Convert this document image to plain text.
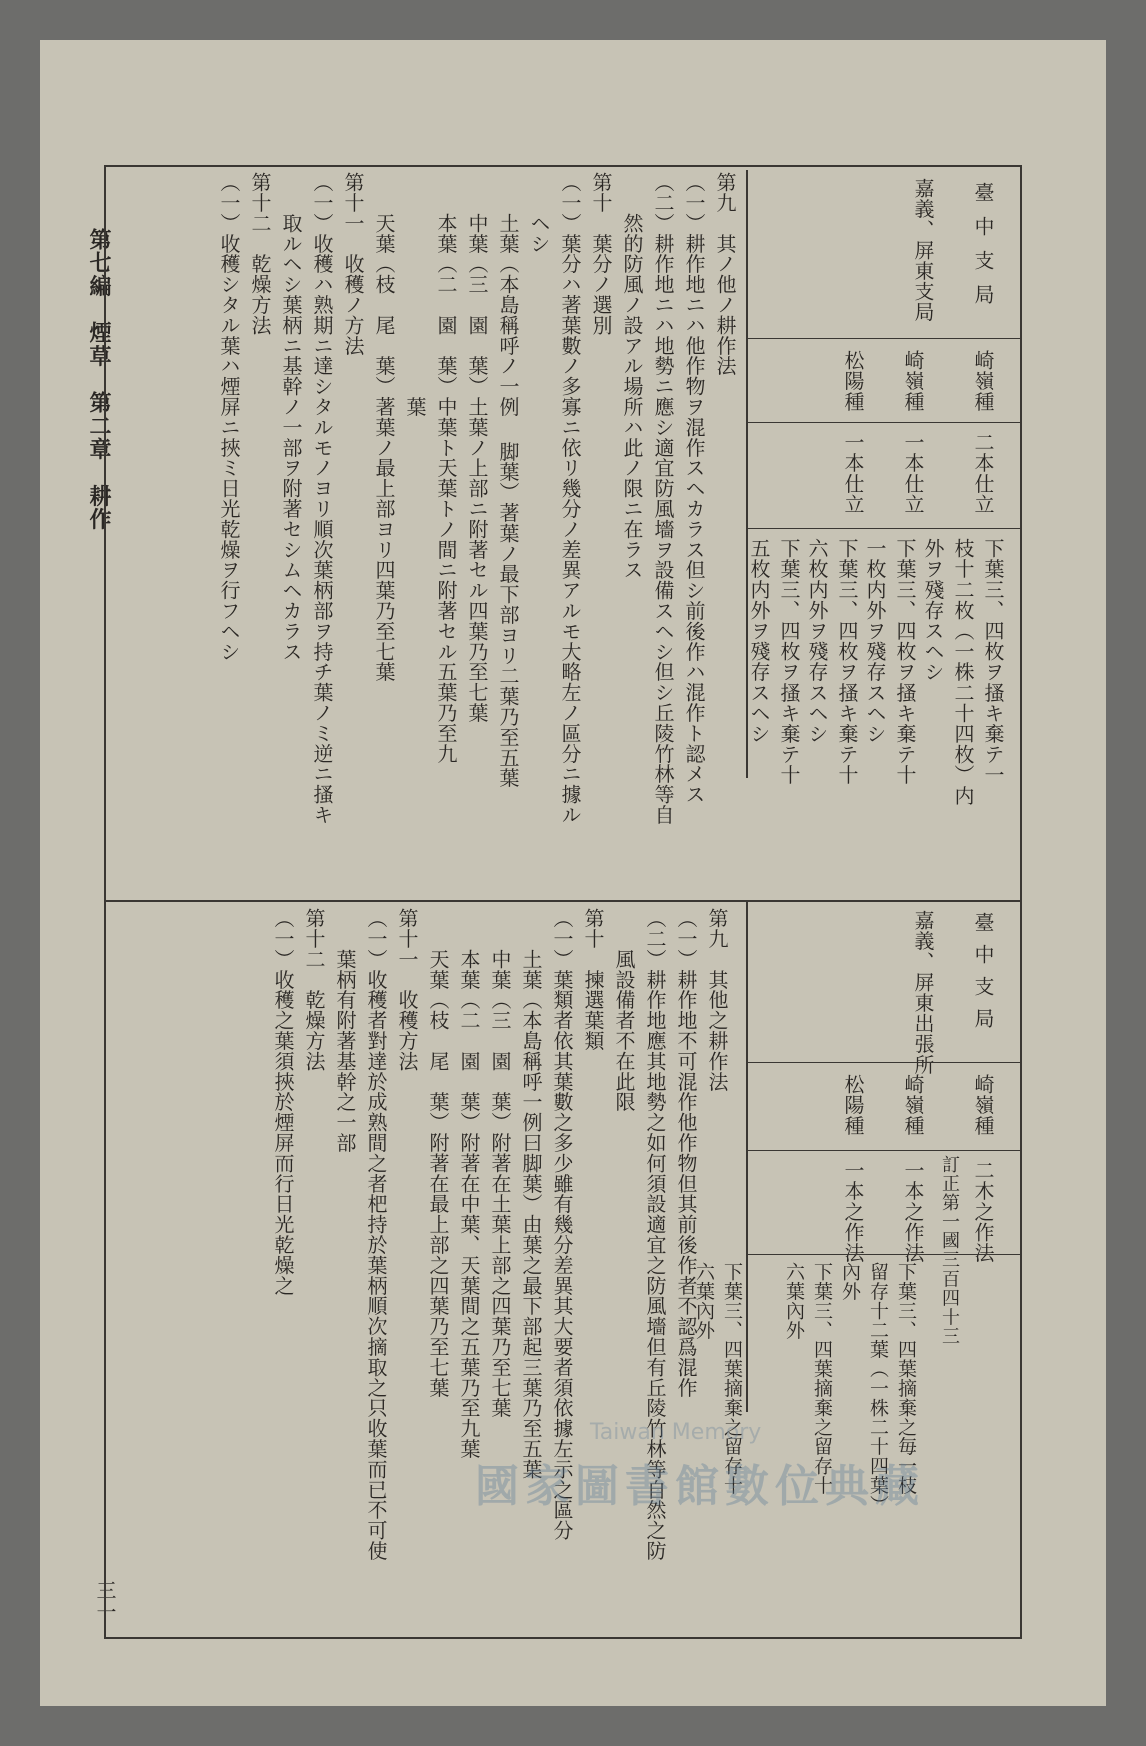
第七編　煙草　第二章　耕作
三一
訂正第一國三百四十三
臺中支局
嘉義、屏東支局
崎嶺種
崎嶺種
松陽種
二本仕立
一本仕立
一本仕立
下葉三、四枚ヲ搔キ棄テ一
枝十二枚（一株二十四枚）内
外ヲ殘存スヘシ
下葉三、四枚ヲ搔キ棄テ十
一枚内外ヲ殘存スヘシ
下葉三、四枚ヲ搔キ棄テ十
六枚内外ヲ殘存スヘシ
下葉三、四枚ヲ搔キ棄テ十
五枚内外ヲ殘存スヘシ
第九　其ノ他ノ耕作法
（一）耕作地ニハ他作物ヲ混作スヘカラス但シ前後作ハ混作ト認メス
（二）耕作地ニハ地勢ニ應シ適宜防風墻ヲ設備スヘシ但シ丘陵竹林等自
　　然的防風ノ設アル場所ハ此ノ限ニ在ラス
第十　葉分ノ選別
（一）葉分ハ著葉數ノ多寡ニ依リ幾分ノ差異アルモ大略左ノ區分ニ據ル
　　ヘシ
　　土葉（本島稱呼ノ一例 脚葉）著葉ノ最下部ヨリ二葉乃至五葉
　　中葉（三　園　葉）土葉ノ上部ニ附著セル四葉乃至七葉
　　本葉（二　園　葉）中葉ト天葉トノ間ニ附著セル五葉乃至九
　　　　　　　　　　　葉
　　天葉（枝　尾　葉）著葉ノ最上部ヨリ四葉乃至七葉
第十一　收穫ノ方法
（一）收穫ハ熟期ニ達シタルモノヨリ順次葉柄部ヲ持チ葉ノミ逆ニ搔キ
　　取ルヘシ葉柄ニ基幹ノ一部ヲ附著セシムヘカラス
第十二　乾燥方法
（一）收穫シタル葉ハ煙屏ニ挾ミ日光乾燥ヲ行フヘシ
臺中支局
嘉義、屏東出張所
崎嶺種
崎嶺種
松陽種
二木之作法
一本之作法
一本之作法
下葉三、四葉摘棄之毎一枝
留存十二葉（一株二十四葉）
內外
下葉三、四葉摘棄之留存十
六葉內外
下葉三、四葉摘棄之留存十
六葉內外
第九　其他之耕作法
（一）耕作地不可混作他作物但其前後作者不認爲混作
（二）耕作地應其地勢之如何須設適宜之防風墻但有丘陵竹林等自然之防
　　風設備者不在此限
第十　揀選葉類
（一）葉類者依其葉數之多少雖有幾分差異其大要者須依據左示之區分
　　土葉（本島稱呼一例曰脚葉）由葉之最下部起三葉乃至五葉
　　中葉（三　園　葉）附著在土葉上部之四葉乃至七葉
　　本葉（二　園　葉）附著在中葉、天葉間之五葉乃至九葉
　　天葉（枝　尾　葉）附著在最上部之四葉乃至七葉
第十一　收穫方法
（一）收穫者對達於成熟間之者杷持於葉柄順次摘取之只收葉而已不可使
　　葉柄有附著基幹之一部
第十二　乾燥方法
（一）收穫之葉須挾於煙屏而行日光乾燥之
國家圖書館數位典藏
Taiwan Memory
